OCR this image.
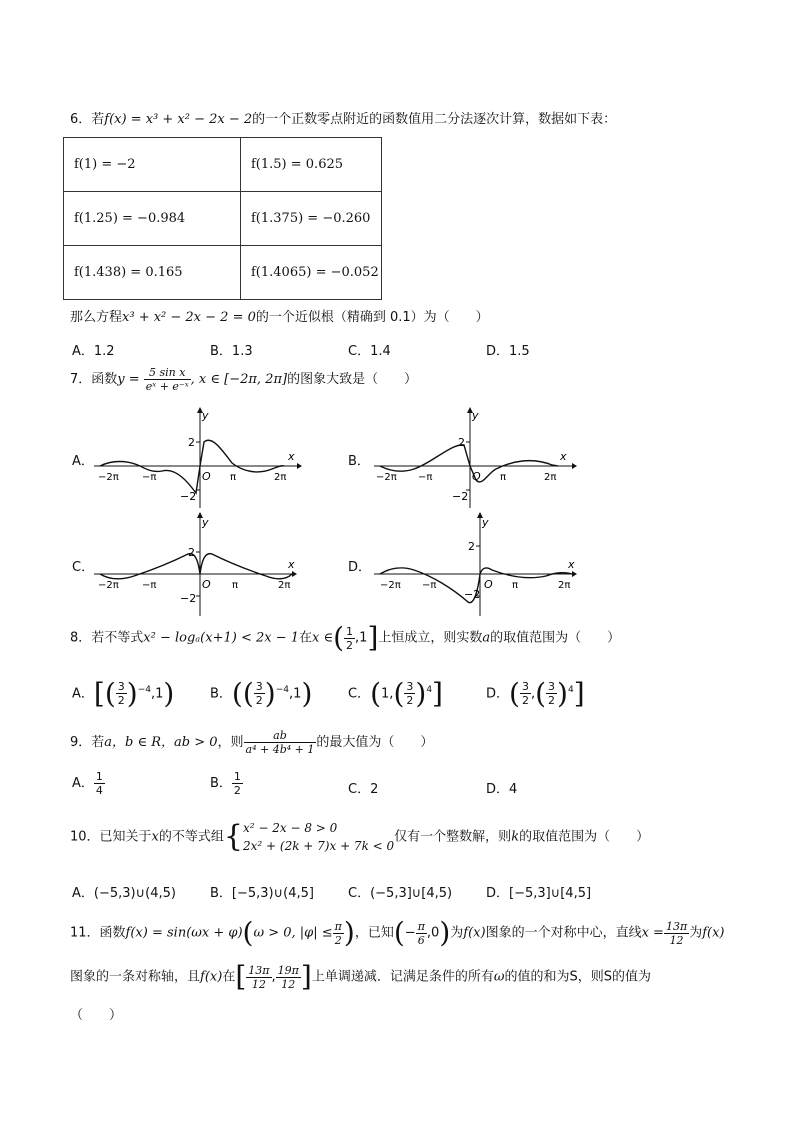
6．若f(x) = x³ + x² − 2x − 2的一个正数零点附近的函数值用二分法逐次计算，数据如下表：
f(1) = −2	f(1.5) = 0.625
f(1.25) = −0.984	f(1.375) = −0.260
f(1.438) = 0.165	f(1.4065) = −0.052
那么方程x³ + x² − 2x − 2 = 0的一个近似根（精确到 0.1）为（　　）
A．1.2	B．1.3	C．1.4	D．1.5
7．函数$y = \frac{\text{5 sin x}}{\text{eˣ + e⁻ˣ}}$ , x ∈ [−2π, 2π]的图象大致是（　　）
A．	B．
C．	D．
y
x
2
−2
O
−2π −π	π	2π
y
x
2
−2
O
−2π −π	π	2π
y
x
2
−2
O
−2π −π	π	2π
y
x
2
−2
O
−2π −π	π	2π
8．若不等式x² − logₐ(x+1) < 2x − 1在x ∈( $\frac{1}{2} ,1$]上恒成立，则实数a的取值范围为（　　）
A．[( $\frac{3}{2} )^{-4},1$)	B．(( $\frac{3}{2} )^{-4},1$)	C．$(1,( \frac{3}{2} )^4]$	D．( $\frac{3}{2}$ ,( $\frac{3}{2} )^4$]
9．若a，b ∈ R，ab > 0，则 $\frac{ab}{\text{a⁴ + 4b⁴ + 1}}$ 的最大值为（　　）
A． $\frac{1}{4}$	B． $\frac{1}{2}$	C．2	D．4
10．已知关于x的不等式组{ x² − 2x − 8 > 0
2x² + (2k + 7)x + 7k < 0
仅有一个整数解，则k的取值范围为（　　）
A．(−5,3)∪(4,5)	B．[−5,3)∪(4,5]	C．(−5,3]∪[4,5)	D．[−5,3]∪[4,5]
11．函数f(x) = sin(ωx + φ)(ω > 0, $|\varphi| \le \frac{\pi}{2}$ )，已知(− $\frac{\pi}{6} ,0$)为f(x)图象的一个对称中心，直线$x = \frac{13\pi}{12}$ 为f(x)
图象的一条对称轴，且f(x)在[ $\frac{13\pi}{12}$ , $\frac{19\pi}{12}$ ]上单调递减．记满足条件的所有ω的值的和为S，则S的值为
（　　）
